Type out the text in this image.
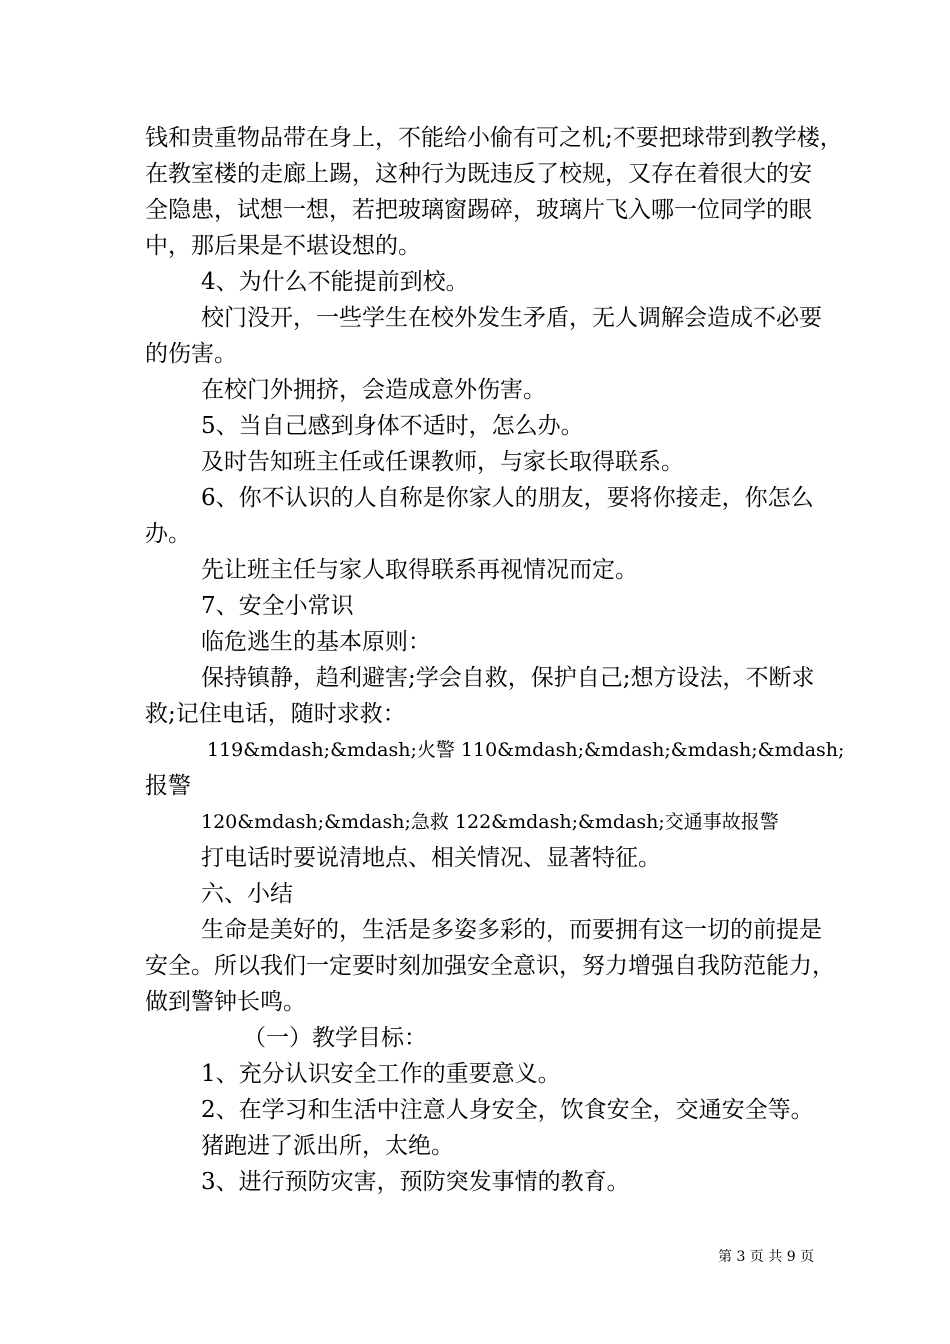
钱和贵重物品带在身上，不能给小偷有可之机;不要把球带到教学楼，
在教室楼的走廊上踢，这种行为既违反了校规，又存在着很大的安
全隐患，试想一想，若把玻璃窗踢碎，玻璃片飞入哪一位同学的眼
中，那后果是不堪设想的。
4、为什么不能提前到校。
校门没开，一些学生在校外发生矛盾，无人调解会造成不必要
的伤害。
在校门外拥挤，会造成意外伤害。
5、当自己感到身体不适时，怎么办。
及时告知班主任或任课教师，与家长取得联系。
6、你不认识的人自称是你家人的朋友，要将你接走，你怎么
办。
先让班主任与家人取得联系再视情况而定。
7、安全小常识
临危逃生的基本原则：
保持镇静，趋利避害;学会自救，保护自己;想方设法，不断求
救;记住电话，随时求救：
119&mdash;&mdash;火警 110&mdash;&mdash;&mdash;&mdash;
报警
120&mdash;&mdash;急救 122&mdash;&mdash;交通事故报警
打电话时要说清地点、相关情况、显著特征。
六、小结
生命是美好的，生活是多姿多彩的，而要拥有这一切的前提是
安全。所以我们一定要时刻加强安全意识，努力增强自我防范能力，
做到警钟长鸣。
（一）教学目标：
1、充分认识安全工作的重要意义。
2、在学习和生活中注意人身安全，饮食安全，交通安全等。
猪跑进了派出所，太绝。
3、进行预防灾害，预防突发事情的教育。
第 3 页 共 9 页
